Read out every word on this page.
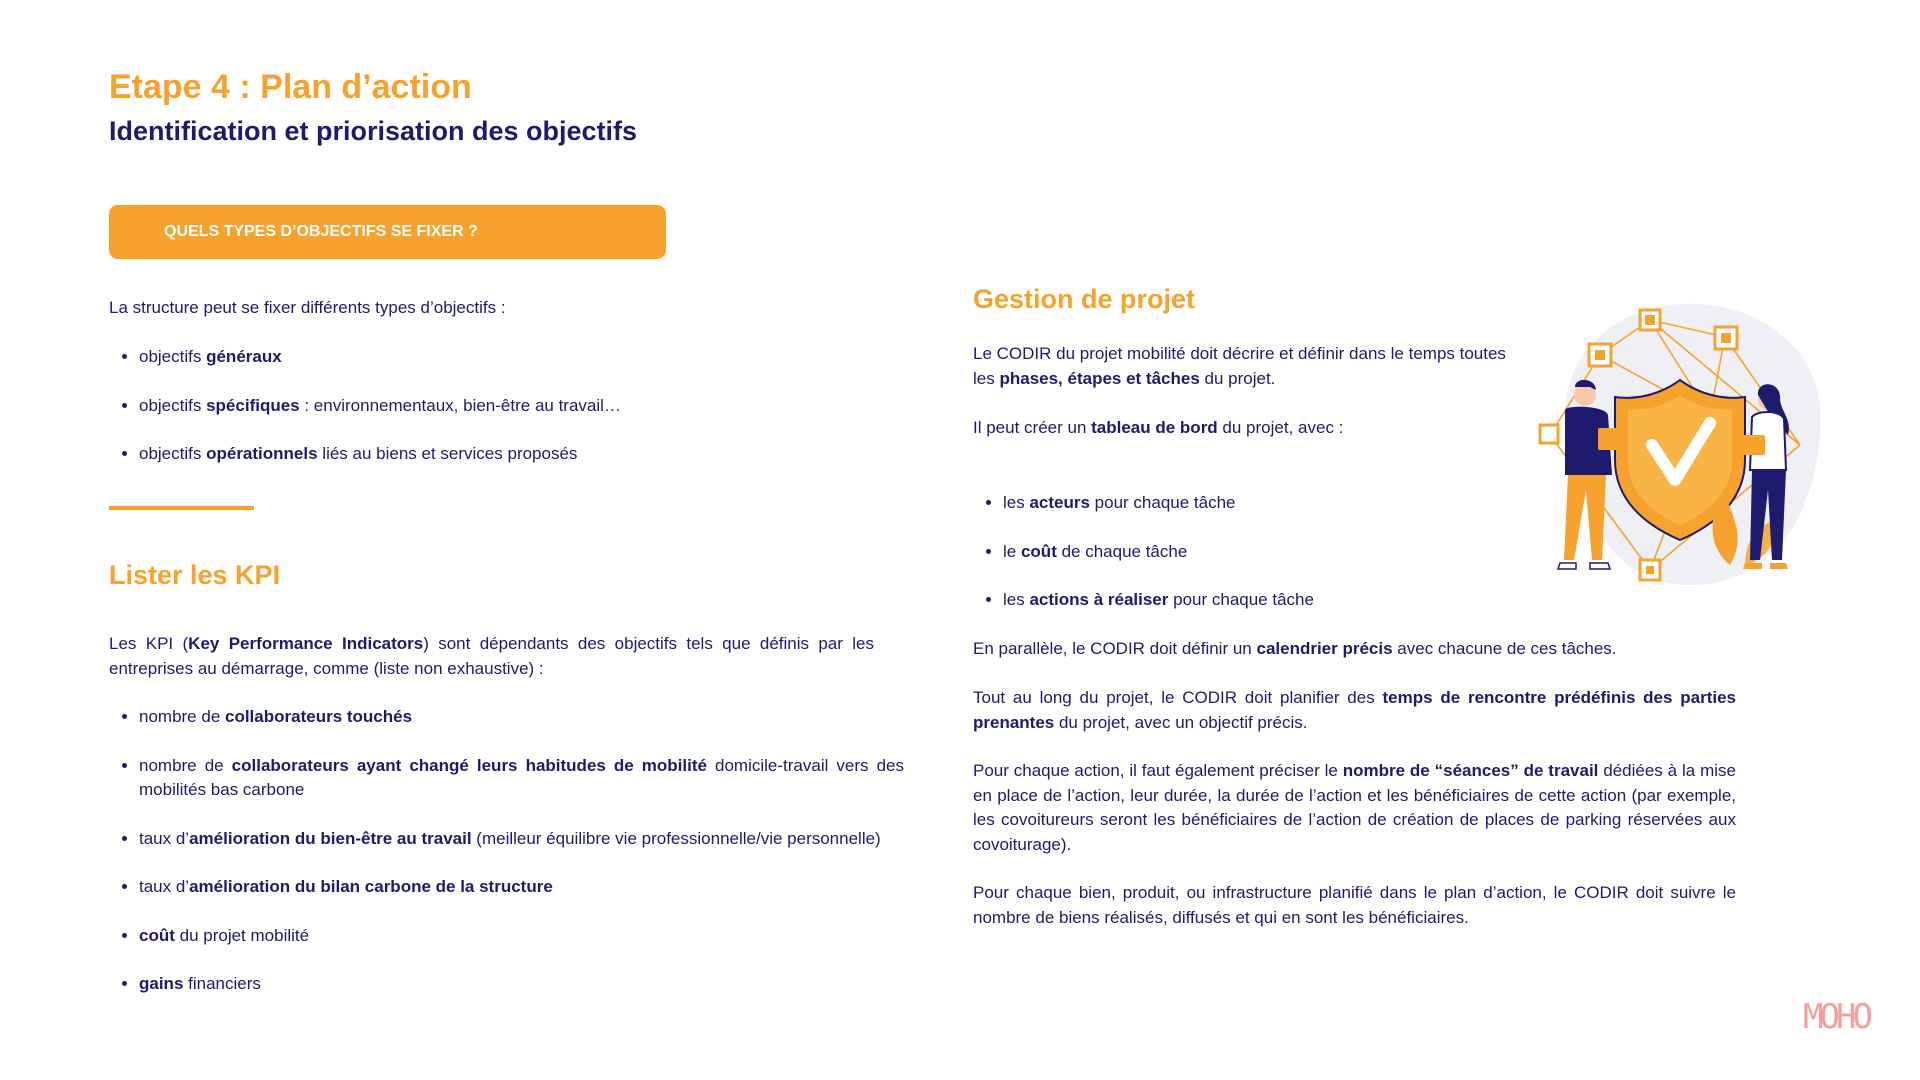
Etape 4 : Plan d’action
Identification et priorisation des objectifs
QUELS TYPES D’OBJECTIFS SE FIXER ?

La structure peut se fixer différents types d’objectifs :

• objectifs généraux
• objectifs spécifiques : environnementaux, bien-être au travail…
• objectifs opérationnels liés au biens et services proposés
Lister les KPI

Les KPI (Key Performance Indicators) sont dépendants des objectifs tels que définis par les entreprises au démarrage, comme (liste non exhaustive) :

• nombre de collaborateurs touchés
• nombre de collaborateurs ayant changé leurs habitudes de mobilité domicile-travail vers des mobilités bas carbone
• taux d’amélioration du bien-être au travail (meilleur équilibre vie professionnelle/vie personnelle)
• taux d’amélioration du bilan carbone de la structure
• coût du projet mobilité
• gains financiers
Gestion de projet

Le CODIR du projet mobilité doit décrire et définir dans le temps toutes les phases, étapes et tâches du projet.

Il peut créer un tableau de bord du projet, avec :

• les acteurs pour chaque tâche
• le coût de chaque tâche
• les actions à réaliser pour chaque tâche

En parallèle, le CODIR doit définir un calendrier précis avec chacune de ces tâches.

Tout au long du projet, le CODIR doit planifier des temps de rencontre prédéfinis des parties prenantes du projet, avec un objectif précis.

Pour chaque action, il faut également préciser le nombre de “séances” de travail dédiées à la mise en place de l’action, leur durée, la durée de l’action et les bénéficiaires de cette action (par exemple, les covoitureurs seront les bénéficiaires de l’action de création de places de parking réservées aux covoiturage).

Pour chaque bien, produit, ou infrastructure planifié dans le plan d’action, le CODIR doit suivre le nombre de biens réalisés, diffusés et qui en sont les bénéficiaires.

MOHO
